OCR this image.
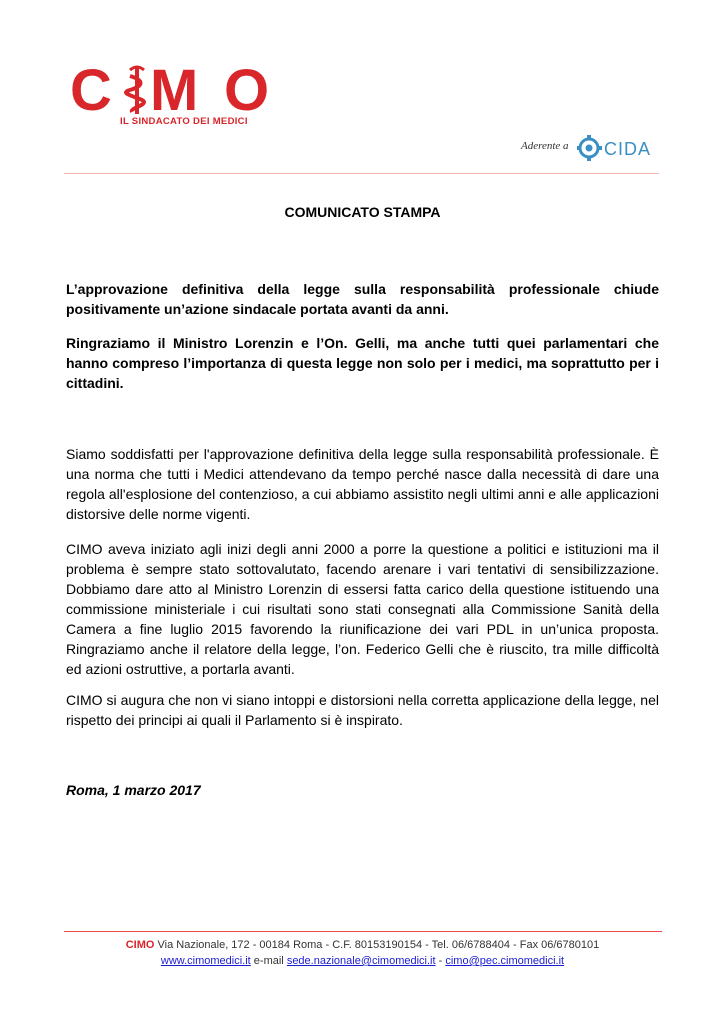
C M O
IL SINDACATO DEI MEDICI
Aderente a CIDA
COMUNICATO STAMPA

L’approvazione definitiva della legge sulla responsabilità professionale chiude positivamente un’azione sindacale portata avanti da anni.

Ringraziamo il Ministro Lorenzin e l’On. Gelli, ma anche tutti quei parlamentari che hanno compreso l’importanza di questa legge non solo per i medici, ma soprattutto per i cittadini.

Siamo soddisfatti per l'approvazione definitiva della legge sulla responsabilità professionale. È una norma che tutti i Medici attendevano da tempo perché nasce dalla necessità di dare una regola all'esplosione del contenzioso, a cui abbiamo assistito negli ultimi anni e alle applicazioni distorsive delle norme vigenti.

CIMO aveva iniziato agli inizi degli anni 2000 a porre la questione a politici e istituzioni ma il problema è sempre stato sottovalutato, facendo arenare i vari tentativi di sensibilizzazione. Dobbiamo dare atto al Ministro Lorenzin di essersi fatta carico della questione istituendo una commissione ministeriale i cui risultati sono stati consegnati alla Commissione Sanità della Camera a fine luglio 2015 favorendo la riunificazione dei vari PDL in un’unica proposta. Ringraziamo anche il relatore della legge, l’on. Federico Gelli che è riuscito, tra mille difficoltà ed azioni ostruttive, a portarla avanti.

CIMO si augura che non vi siano intoppi e distorsioni nella corretta applicazione della legge, nel rispetto dei principi ai quali il Parlamento si è inspirato.

Roma, 1 marzo 2017
CIMO Via Nazionale, 172 - 00184 Roma - C.F. 80153190154 - Tel. 06/6788404 - Fax 06/6780101
www.cimomedici.it e-mail sede.nazionale@cimomedici.it - cimo@pec.cimomedici.it
